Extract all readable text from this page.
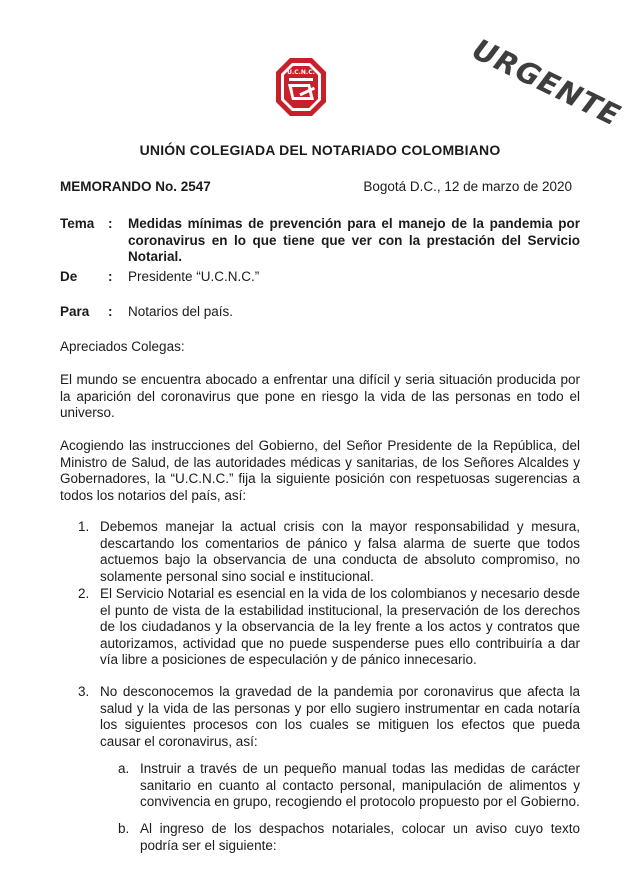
U.C.N.C.	URGENTE
UNIÓN COLEGIADA DEL NOTARIADO COLOMBIANO
MEMORANDO No. 2547	Bogotá D.C., 12 de marzo de 2020
Tema : Medidas mínimas de prevención para el manejo de la pandemia por coronavirus en lo que tiene que ver con la prestación del Servicio Notarial.
De : Presidente “U.C.N.C.”
Para : Notarios del país.
Apreciados Colegas:

El mundo se encuentra abocado a enfrentar una difícil y seria situación producida por la aparición del coronavirus que pone en riesgo la vida de las personas en todo el universo.

Acogiendo las instrucciones del Gobierno, del Señor Presidente de la República, del Ministro de Salud, de las autoridades médicas y sanitarias, de los Señores Alcaldes y Gobernadores, la “U.C.N.C.” fija la siguiente posición con respetuosas sugerencias a todos los notarios del país, así:

1. Debemos manejar la actual crisis con la mayor responsabilidad y mesura, descartando los comentarios de pánico y falsa alarma de suerte que todos actuemos bajo la observancia de una conducta de absoluto compromiso, no solamente personal sino social e institucional.

2. El Servicio Notarial es esencial en la vida de los colombianos y necesario desde el punto de vista de la estabilidad institucional, la preservación de los derechos de los ciudadanos y la observancia de la ley frente a los actos y contratos que autorizamos, actividad que no puede suspenderse pues ello contribuiría a dar vía libre a posiciones de especulación y de pánico innecesario.

3. No desconocemos la gravedad de la pandemia por coronavirus que afecta la salud y la vida de las personas y por ello sugiero instrumentar en cada notaría los siguientes procesos con los cuales se mitiguen los efectos que pueda causar el coronavirus, así:

a. Instruir a través de un pequeño manual todas las medidas de carácter sanitario en cuanto al contacto personal, manipulación de alimentos y convivencia en grupo, recogiendo el protocolo propuesto por el Gobierno.

b. Al ingreso de los despachos notariales, colocar un aviso cuyo texto podría ser el siguiente:
